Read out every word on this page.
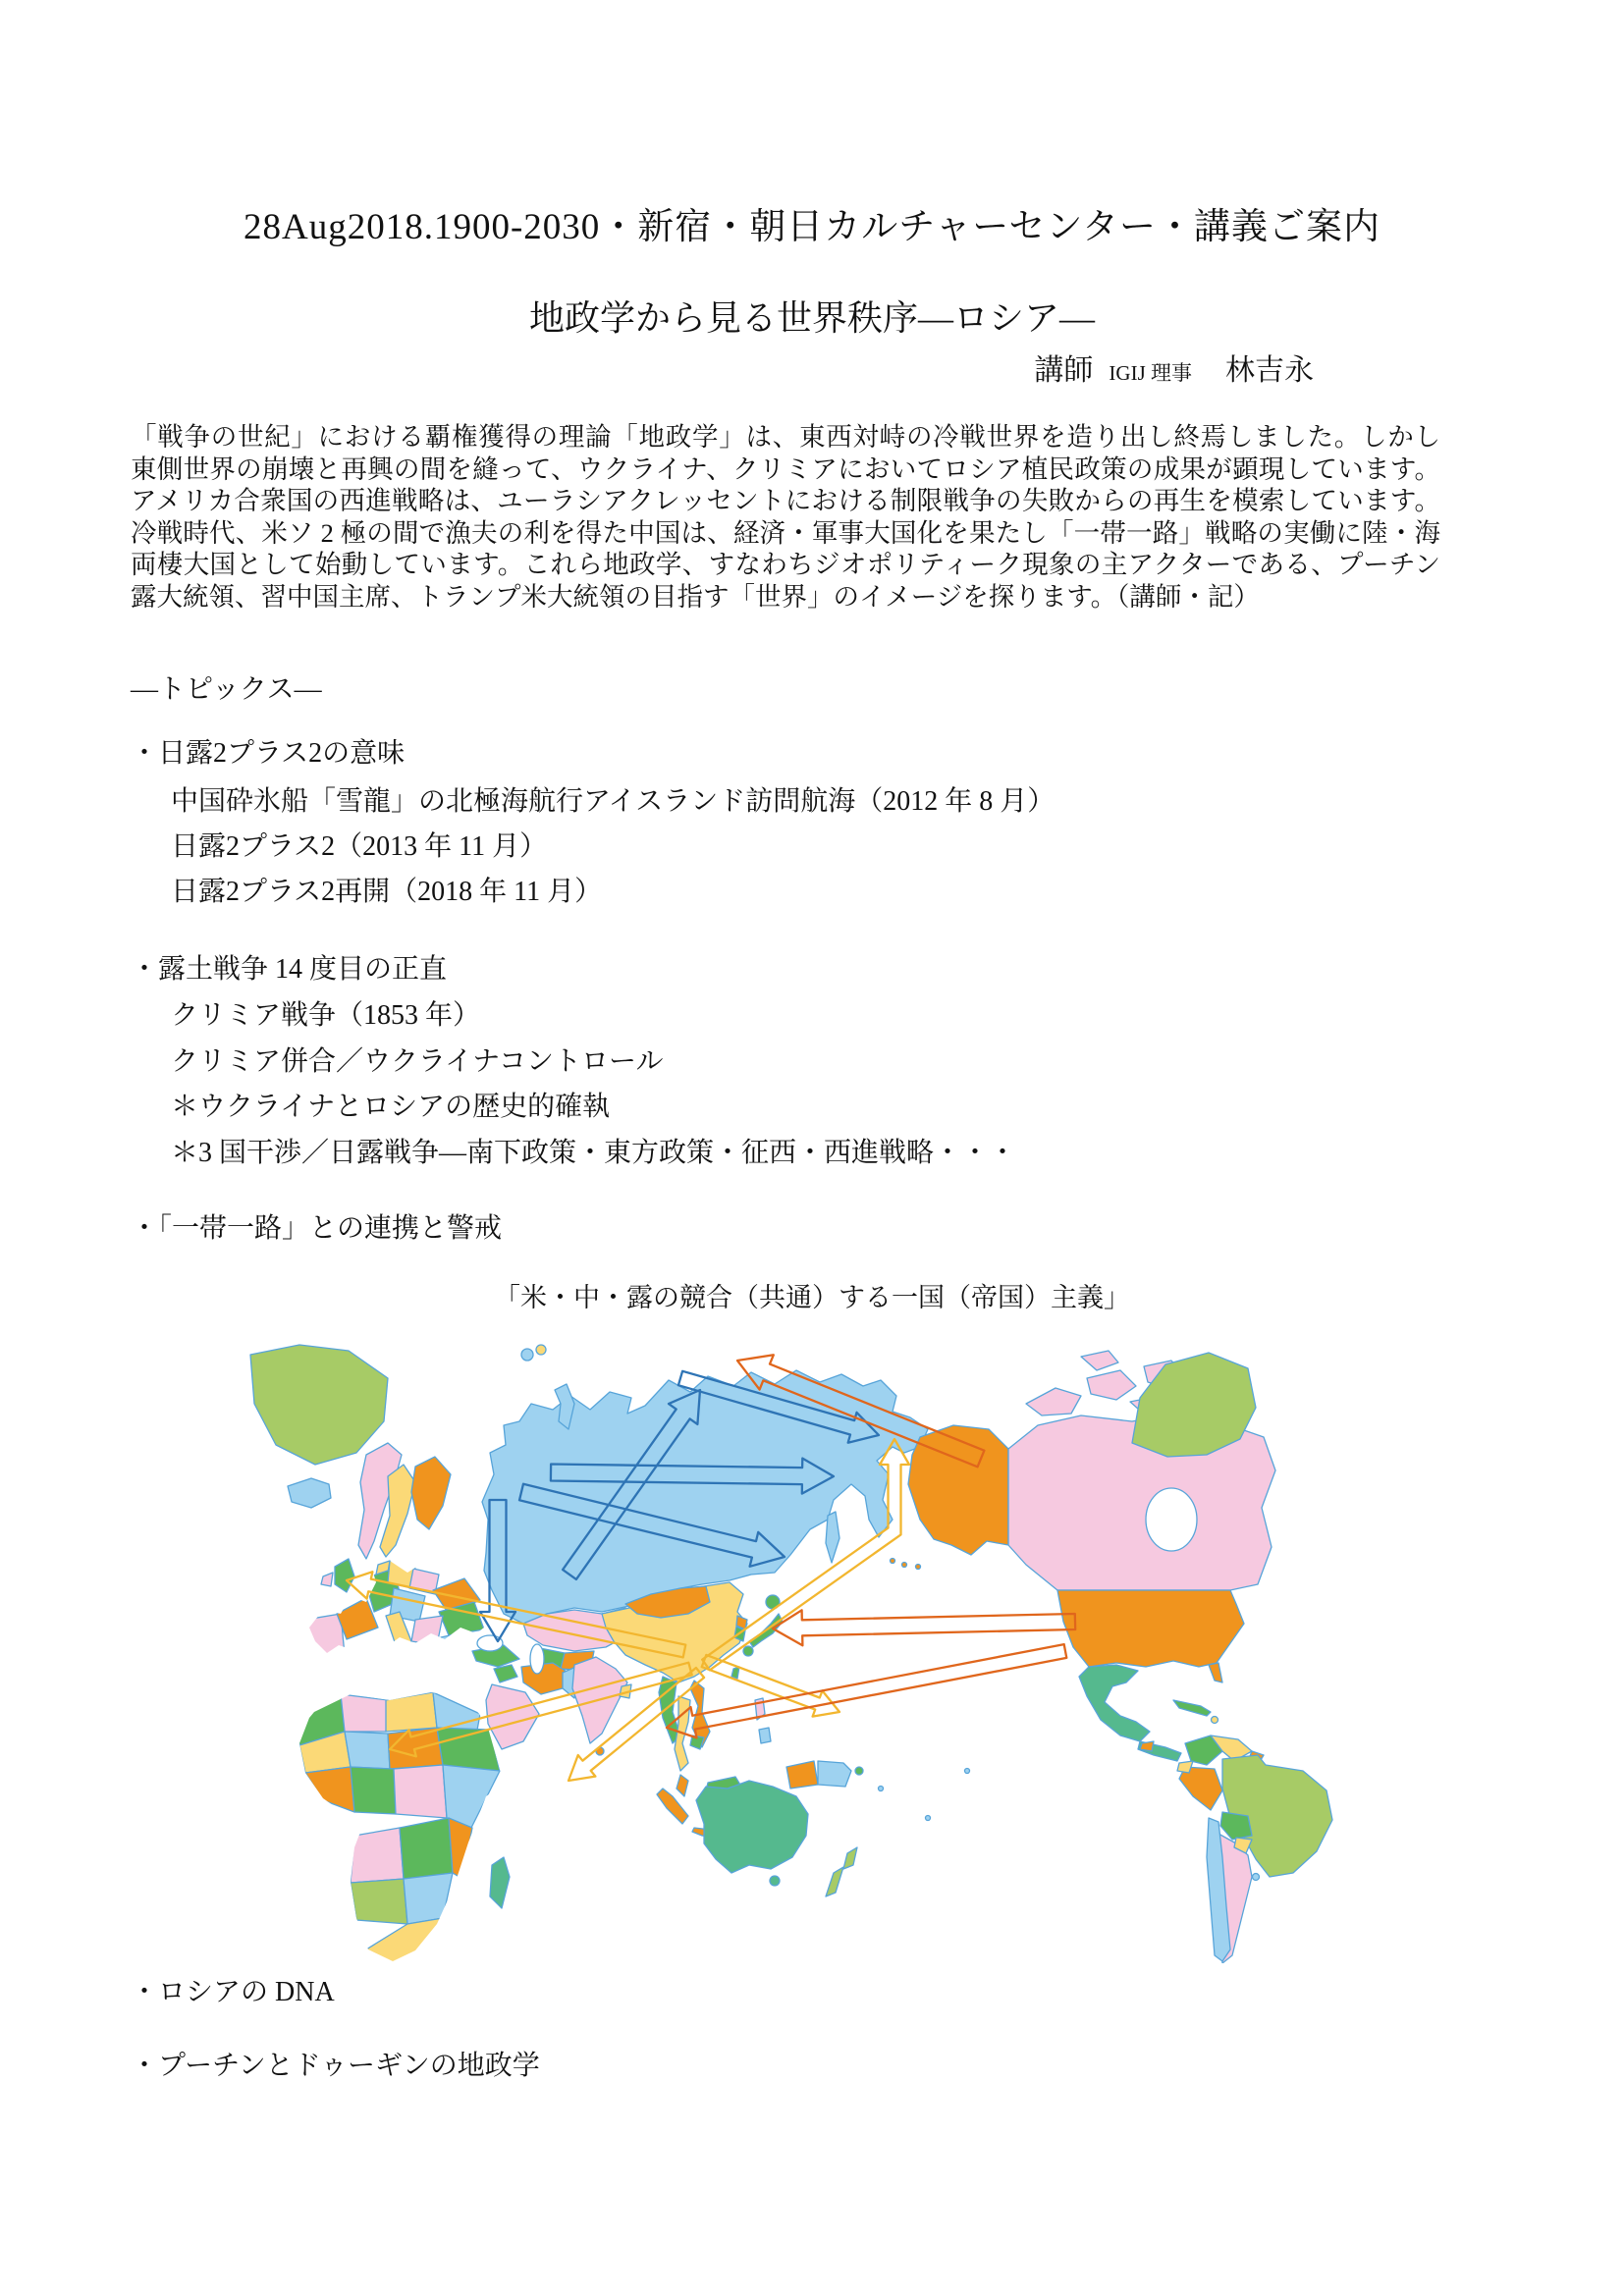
28Aug2018.1900-2030・新宿・朝日カルチャーセンター・講義ご案内
地政学から見る世界秩序―ロシア―
講師 IGIJ 理事 林吉永
「戦争の世紀」における覇権獲得の理論「地政学」は、東西対峙の冷戦世界を造り出し終焉しました。しかし
東側世界の崩壊と再興の間を縫って、ウクライナ、クリミアにおいてロシア植民政策の成果が顕現しています。
アメリカ合衆国の西進戦略は、ユーラシアクレッセントにおける制限戦争の失敗からの再生を模索しています。
冷戦時代、米ソ 2 極の間で漁夫の利を得た中国は、経済・軍事大国化を果たし「一帯一路」戦略の実働に陸・海
両棲大国として始動しています。これら地政学、すなわちジオポリティーク現象の主アクターである、プーチン
露大統領、習中国主席、トランプ米大統領の目指す「世界」のイメージを探ります。（講師・記）
―トピックス―
・日露2プラス2の意味
中国砕氷船「雪龍」の北極海航行アイスランド訪問航海（2012 年 8 月）
日露2プラス2（2013 年 11 月）
日露2プラス2再開（2018 年 11 月）
・露土戦争 14 度目の正直
クリミア戦争（1853 年）
クリミア併合／ウクライナコントロール
＊ウクライナとロシアの歴史的確執
＊3 国干渉／日露戦争―南下政策・東方政策・征西・西進戦略・・・
・「一帯一路」との連携と警戒
「米・中・露の競合（共通）する一国（帝国）主義」
・ロシアの DNA
・プーチンとドゥーギンの地政学
